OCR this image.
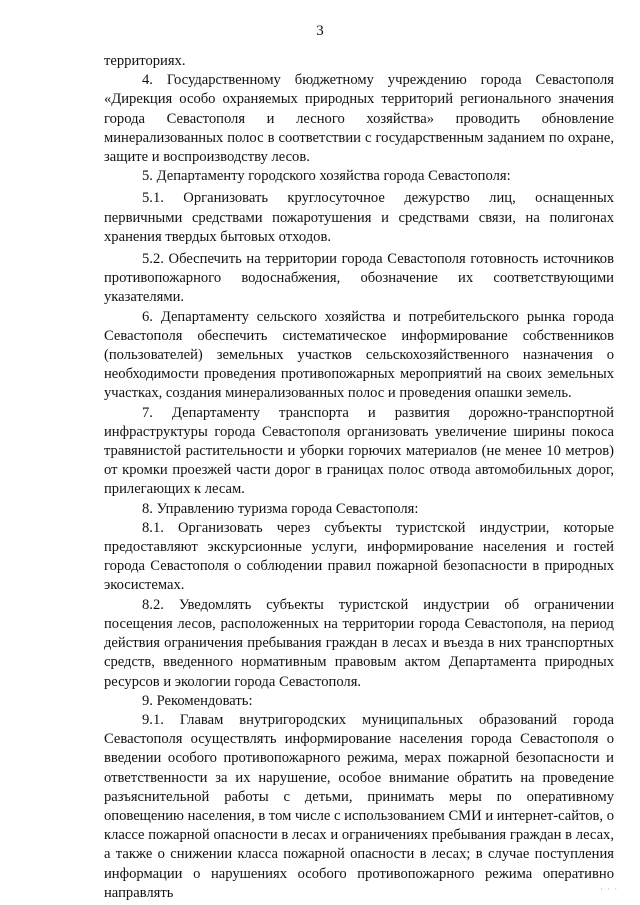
3

территориях.

4. Государственному бюджетному учреждению города Севастополя «Дирекция особо охраняемых природных территорий регионального значения города Севастополя и лесного хозяйства» проводить обновление минерализованных полос в соответствии с государственным заданием по охране, защите и воспроизводству лесов.

5. Департаменту городского хозяйства города Севастополя:

5.1. Организовать круглосуточное дежурство лиц, оснащенных первичными средствами пожаротушения и средствами связи, на полигонах хранения твердых бытовых отходов.

5.2. Обеспечить на территории города Севастополя готовность источников противопожарного водоснабжения, обозначение их соответствующими указателями.

6. Департаменту сельского хозяйства и потребительского рынка города Севастополя обеспечить систематическое информирование собственников (пользователей) земельных участков сельскохозяйственного назначения о необходимости проведения противопожарных мероприятий на своих земельных участках, создания минерализованных полос и проведения опашки земель.

7. Департаменту транспорта и развития дорожно-транспортной инфраструктуры города Севастополя организовать увеличение ширины покоса травянистой растительности и уборки горючих материалов (не менее 10 метров) от кромки проезжей части дорог в границах полос отвода автомобильных дорог, прилегающих к лесам.

8. Управлению туризма города Севастополя:

8.1. Организовать через субъекты туристской индустрии, которые предоставляют экскурсионные услуги, информирование населения и гостей города Севастополя о соблюдении правил пожарной безопасности в природных экосистемах.

8.2. Уведомлять субъекты туристской индустрии об ограничении посещения лесов, расположенных на территории города Севастополя, на период действия ограничения пребывания граждан в лесах и въезда в них транспортных средств, введенного нормативным правовым актом Департамента природных ресурсов и экологии города Севастополя.

9. Рекомендовать:

9.1. Главам внутригородских муниципальных образований города Севастополя осуществлять информирование населения города Севастополя о введении особого противопожарного режима, мерах пожарной безопасности и ответственности за их нарушение, особое внимание обратить на проведение разъяснительной работы с детьми, принимать меры по оперативному оповещению населения, в том числе с использованием СМИ и интернет-сайтов, о классе пожарной опасности в лесах и ограничениях пребывания граждан в лесах, а также о снижении класса пожарной опасности в лесах; в случае поступления информации о нарушениях особого противопожарного режима оперативно направлять	· · ·
